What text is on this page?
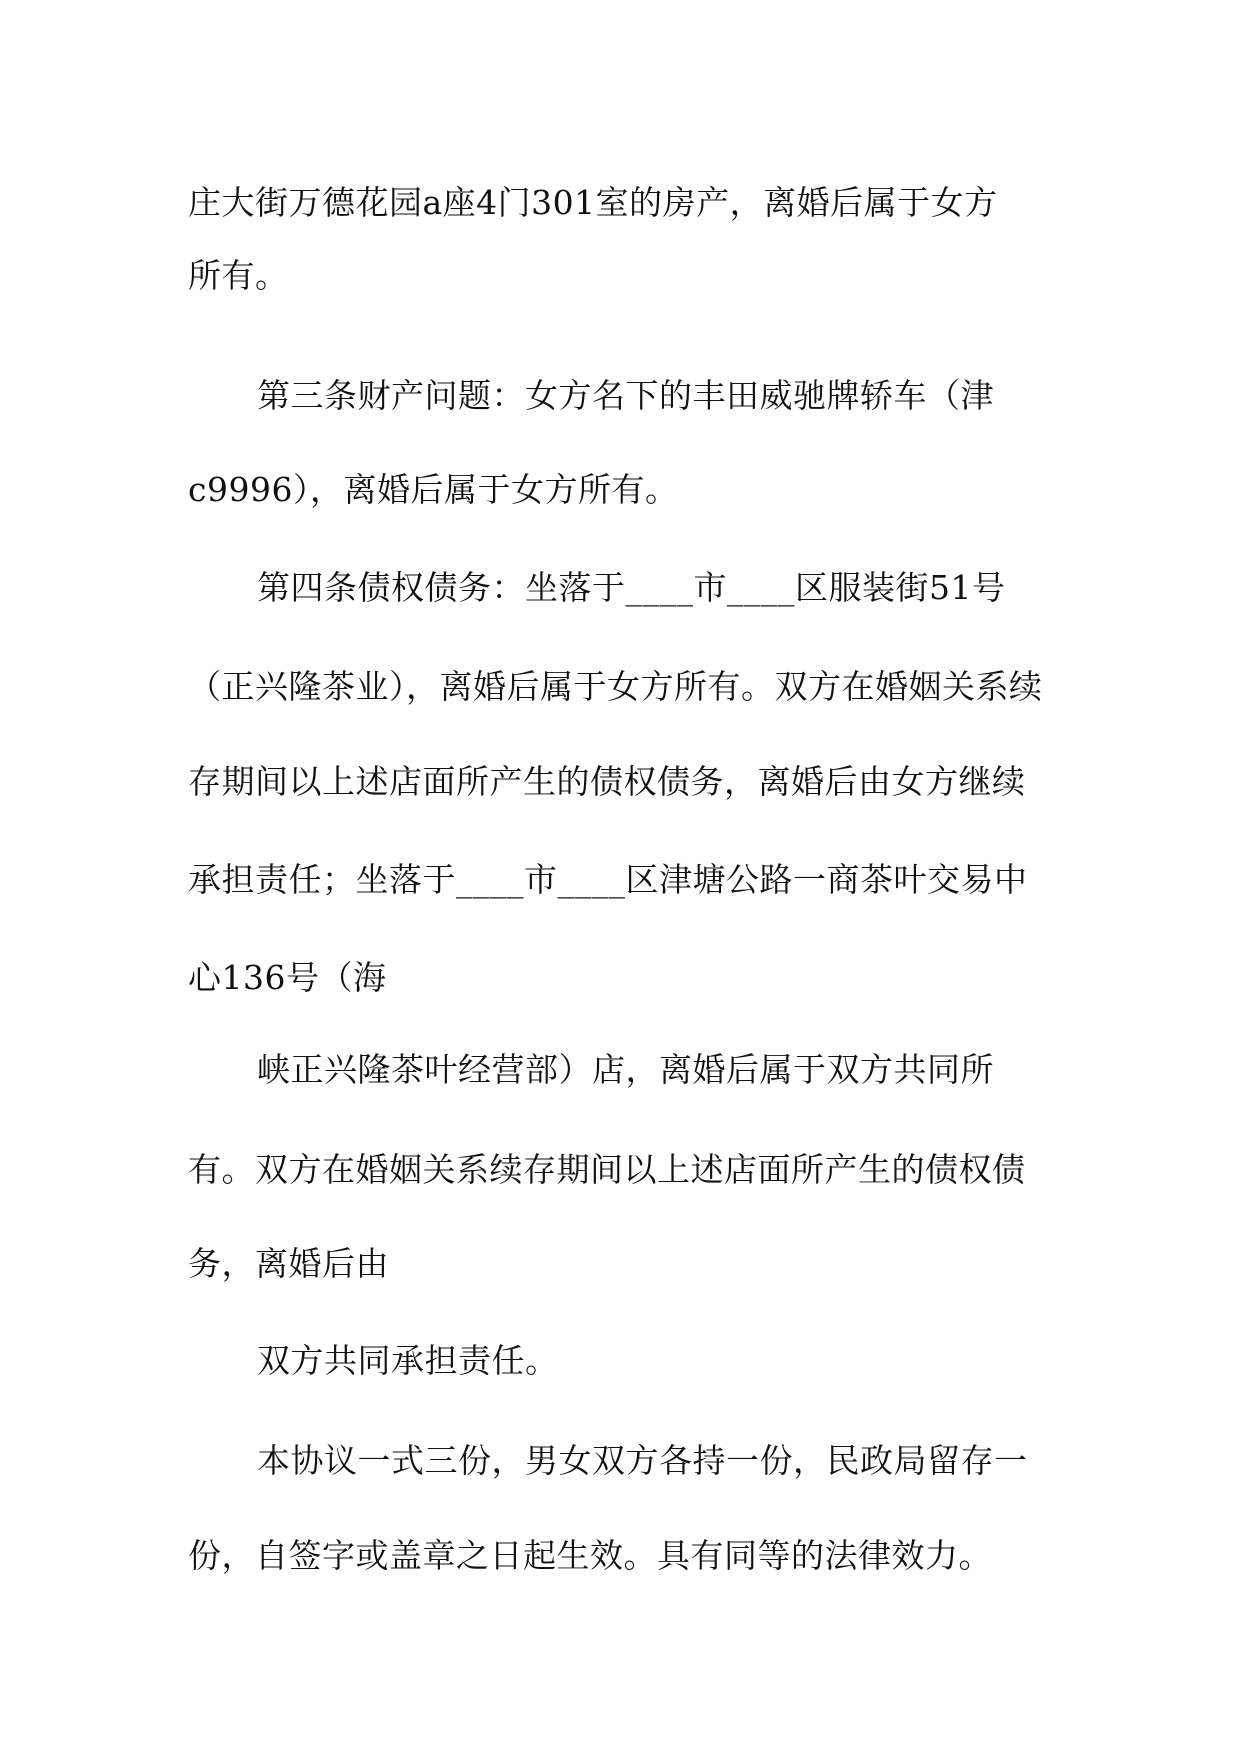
庄大街万德花园a座4门301室的房产，离婚后属于女方
所有。
第三条财产问题：女方名下的丰田威驰牌轿车（津
c9996），离婚后属于女方所有。
第四条债权债务：坐落于____市____区服装街51号
（正兴隆茶业），离婚后属于女方所有。双方在婚姻关系续
存期间以上述店面所产生的债权债务，离婚后由女方继续
承担责任；坐落于____市____区津塘公路一商茶叶交易中
心136号（海
峡正兴隆茶叶经营部）店，离婚后属于双方共同所
有。双方在婚姻关系续存期间以上述店面所产生的债权债
务，离婚后由
双方共同承担责任。
本协议一式三份，男女双方各持一份，民政局留存一
份，自签字或盖章之日起生效。具有同等的法律效力。
